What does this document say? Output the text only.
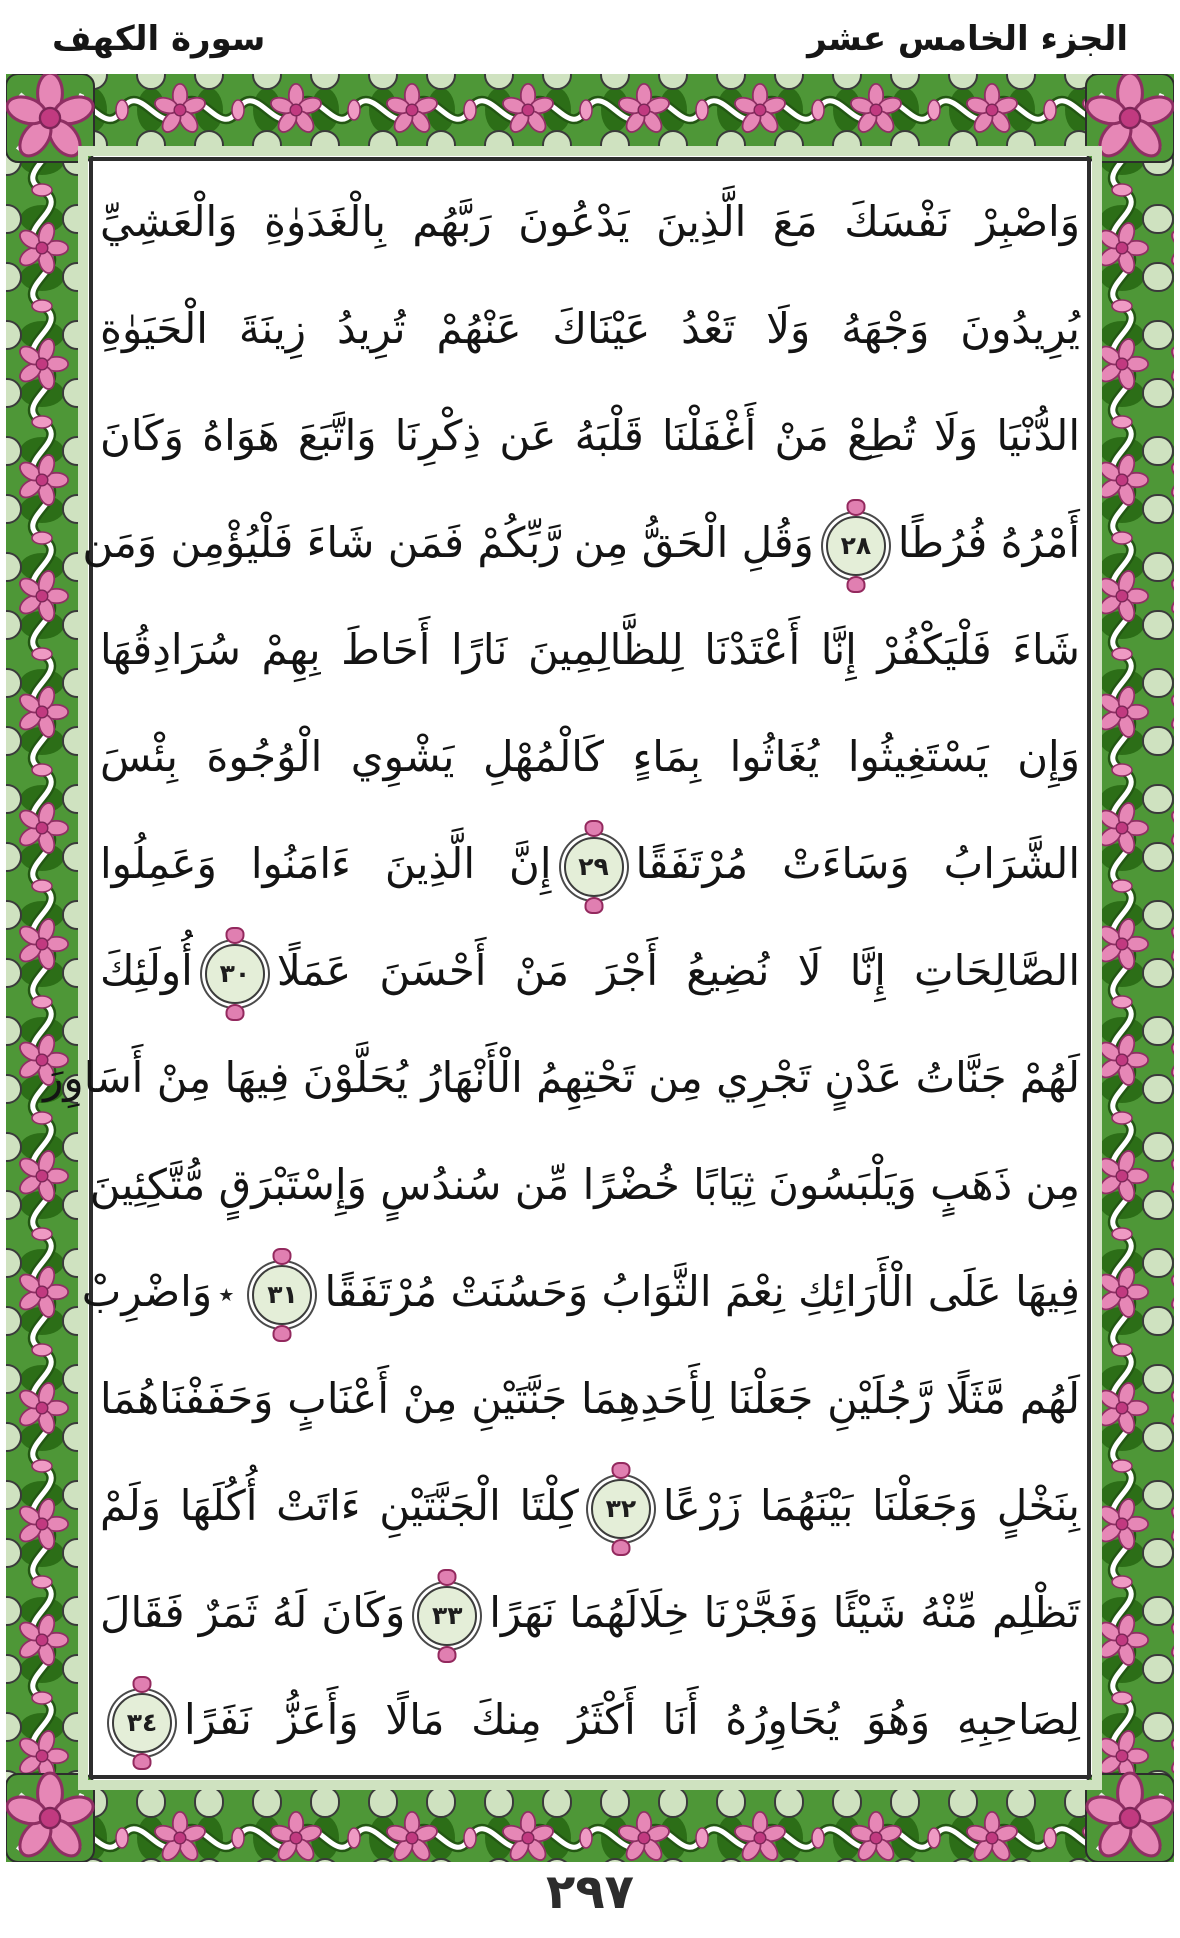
الجزء الخامس عشر
سورة الكهف
وَاصْبِرْ نَفْسَكَ مَعَ الَّذِينَ يَدْعُونَ رَبَّهُم بِالْغَدَوٰةِ وَالْعَشِيِّ
يُرِيدُونَ وَجْهَهُ وَلَا تَعْدُ عَيْنَاكَ عَنْهُمْ تُرِيدُ زِينَةَ الْحَيَوٰةِ
الدُّنْيَا وَلَا تُطِعْ مَنْ أَغْفَلْنَا قَلْبَهُ عَن ذِكْرِنَا وَاتَّبَعَ هَوَاهُ وَكَانَ
أَمْرُهُ فُرُطًا
٢٨
وَقُلِ الْحَقُّ مِن رَّبِّكُمْ فَمَن شَاءَ فَلْيُؤْمِن وَمَن
شَاءَ فَلْيَكْفُرْ إِنَّا أَعْتَدْنَا لِلظَّالِمِينَ نَارًا أَحَاطَ بِهِمْ سُرَادِقُهَا
وَإِن يَسْتَغِيثُوا يُغَاثُوا بِمَاءٍ كَالْمُهْلِ يَشْوِي الْوُجُوهَ بِئْسَ
الشَّرَابُ وَسَاءَتْ مُرْتَفَقًا
٢٩
إِنَّ الَّذِينَ ءَامَنُوا وَعَمِلُوا
الصَّالِحَاتِ إِنَّا لَا نُضِيعُ أَجْرَ مَنْ أَحْسَنَ عَمَلًا
٣٠
أُولَئِكَ
لَهُمْ جَنَّاتُ عَدْنٍ تَجْرِي مِن تَحْتِهِمُ الْأَنْهَارُ يُحَلَّوْنَ فِيهَا مِنْ أَسَاوِرَ
مِن ذَهَبٍ وَيَلْبَسُونَ ثِيَابًا خُضْرًا مِّن سُندُسٍ وَإِسْتَبْرَقٍ مُّتَّكِئِينَ
فِيهَا عَلَى الْأَرَائِكِ نِعْمَ الثَّوَابُ وَحَسُنَتْ مُرْتَفَقًا
٣١
٭وَاضْرِبْ
لَهُم مَّثَلًا رَّجُلَيْنِ جَعَلْنَا لِأَحَدِهِمَا جَنَّتَيْنِ مِنْ أَعْنَابٍ وَحَفَفْنَاهُمَا
بِنَخْلٍ وَجَعَلْنَا بَيْنَهُمَا زَرْعًا
٣٢
كِلْتَا الْجَنَّتَيْنِ ءَاتَتْ أُكُلَهَا وَلَمْ
تَظْلِم مِّنْهُ شَيْئًا وَفَجَّرْنَا خِلَالَهُمَا نَهَرًا
٣٣
وَكَانَ لَهُ ثَمَرٌ فَقَالَ
لِصَاحِبِهِ وَهُوَ يُحَاوِرُهُ أَنَا أَكْثَرُ مِنكَ مَالًا وَأَعَزُّ نَفَرًا
٣٤
٢٩٧
